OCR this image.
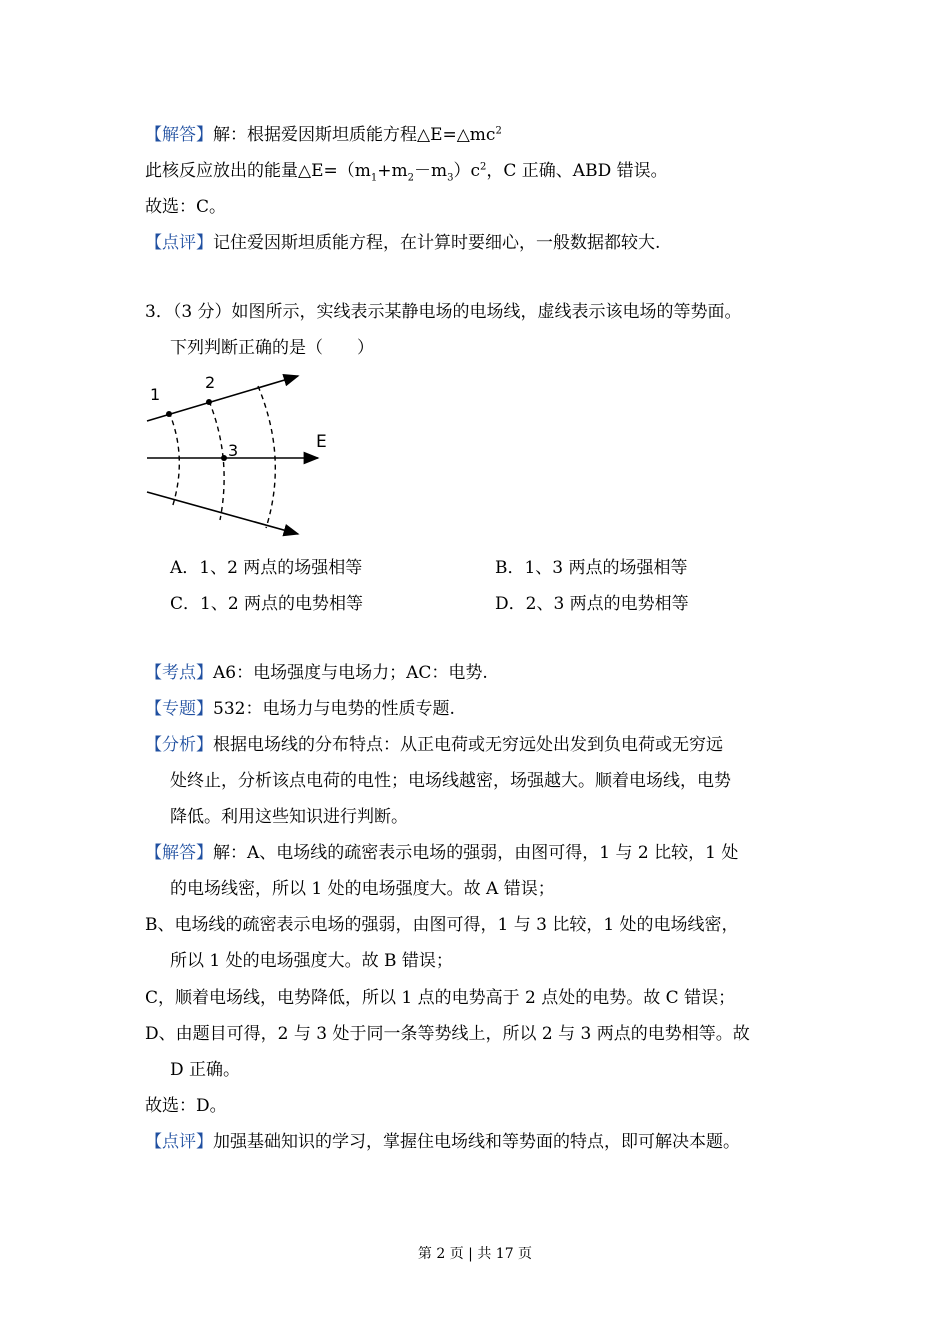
【解答】解：根据爱因斯坦质能方程$\triangle E=\triangle mc^2$
此核反应放出的能量$\triangle E=(m_1+m_2-m_3)c^2$，C 正确、ABD 错误。
故选：C。
【点评】记住爱因斯坦质能方程，在计算时要细心，一般数据都较大.
3．（3 分）如图所示，实线表示某静电场的电场线，虚线表示该电场的等势面。
下列判断正确的是（　　）
1
2
3	E
A．1、2 两点的场强相等	B．1、3 两点的场强相等
C．1、2 两点的电势相等	D．2、3 两点的电势相等
【考点】A6：电场强度与电场力；AC：电势.
【专题】532：电场力与电势的性质专题.
【分析】根据电场线的分布特点：从正电荷或无穷远处出发到负电荷或无穷远
处终止，分析该点电荷的电性；电场线越密，场强越大。顺着电场线，电势
降低。利用这些知识进行判断。
【解答】解：A、电场线的疏密表示电场的强弱，由图可得，1 与 2 比较，1 处
的电场线密，所以 1 处的电场强度大。故 A 错误；
B、电场线的疏密表示电场的强弱，由图可得，1 与 3 比较，1 处的电场线密，
所以 1 处的电场强度大。故 B 错误；
C，顺着电场线，电势降低，所以 1 点的电势高于 2 点处的电势。故 C 错误；
D、由题目可得，2 与 3 处于同一条等势线上，所以 2 与 3 两点的电势相等。故
D 正确。
故选：D。
【点评】加强基础知识的学习，掌握住电场线和等势面的特点，即可解决本题。
第 2 页 | 共 17 页
